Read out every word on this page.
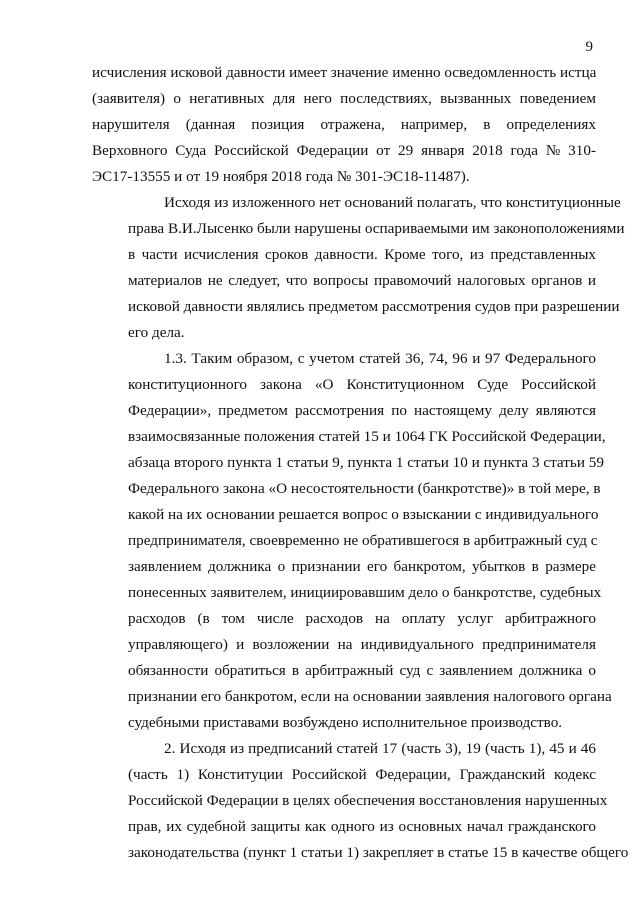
9

исчисления исковой давности имеет значение именно осведомленность истца
(заявителя) о негативных для него последствиях, вызванных поведением
нарушителя (данная позиция отражена, например, в определениях
Верховного Суда Российской Федерации от 29 января 2018 года № 310-
ЭС17-13555 и от 19 ноября 2018 года № 301-ЭС18-11487).

Исходя из изложенного нет оснований полагать, что конституционные
права В.И.Лысенко были нарушены оспариваемыми им законоположениями
в части исчисления сроков давности. Кроме того, из представленных
материалов не следует, что вопросы правомочий налоговых органов и
исковой давности являлись предметом рассмотрения судов при разрешении
его дела.

1.3. Таким образом, с учетом статей 36, 74, 96 и 97 Федерального
конституционного закона «О Конституционном Суде Российской
Федерации», предметом рассмотрения по настоящему делу являются
взаимосвязанные положения статей 15 и 1064 ГК Российской Федерации,
абзаца второго пункта 1 статьи 9, пункта 1 статьи 10 и пункта 3 статьи 59
Федерального закона «О несостоятельности (банкротстве)» в той мере, в
какой на их основании решается вопрос о взыскании с индивидуального
предпринимателя, своевременно не обратившегося в арбитражный суд с
заявлением должника о признании его банкротом, убытков в размере
понесенных заявителем, инициировавшим дело о банкротстве, судебных
расходов (в том числе расходов на оплату услуг арбитражного
управляющего) и возложении на индивидуального предпринимателя
обязанности обратиться в арбитражный суд с заявлением должника о
признании его банкротом, если на основании заявления налогового органа
судебными приставами возбуждено исполнительное производство.

2. Исходя из предписаний статей 17 (часть 3), 19 (часть 1), 45 и 46
(часть 1) Конституции Российской Федерации, Гражданский кодекс
Российской Федерации в целях обеспечения восстановления нарушенных
прав, их судебной защиты как одного из основных начал гражданского
законодательства (пункт 1 статьи 1) закрепляет в статье 15 в качестве общего
